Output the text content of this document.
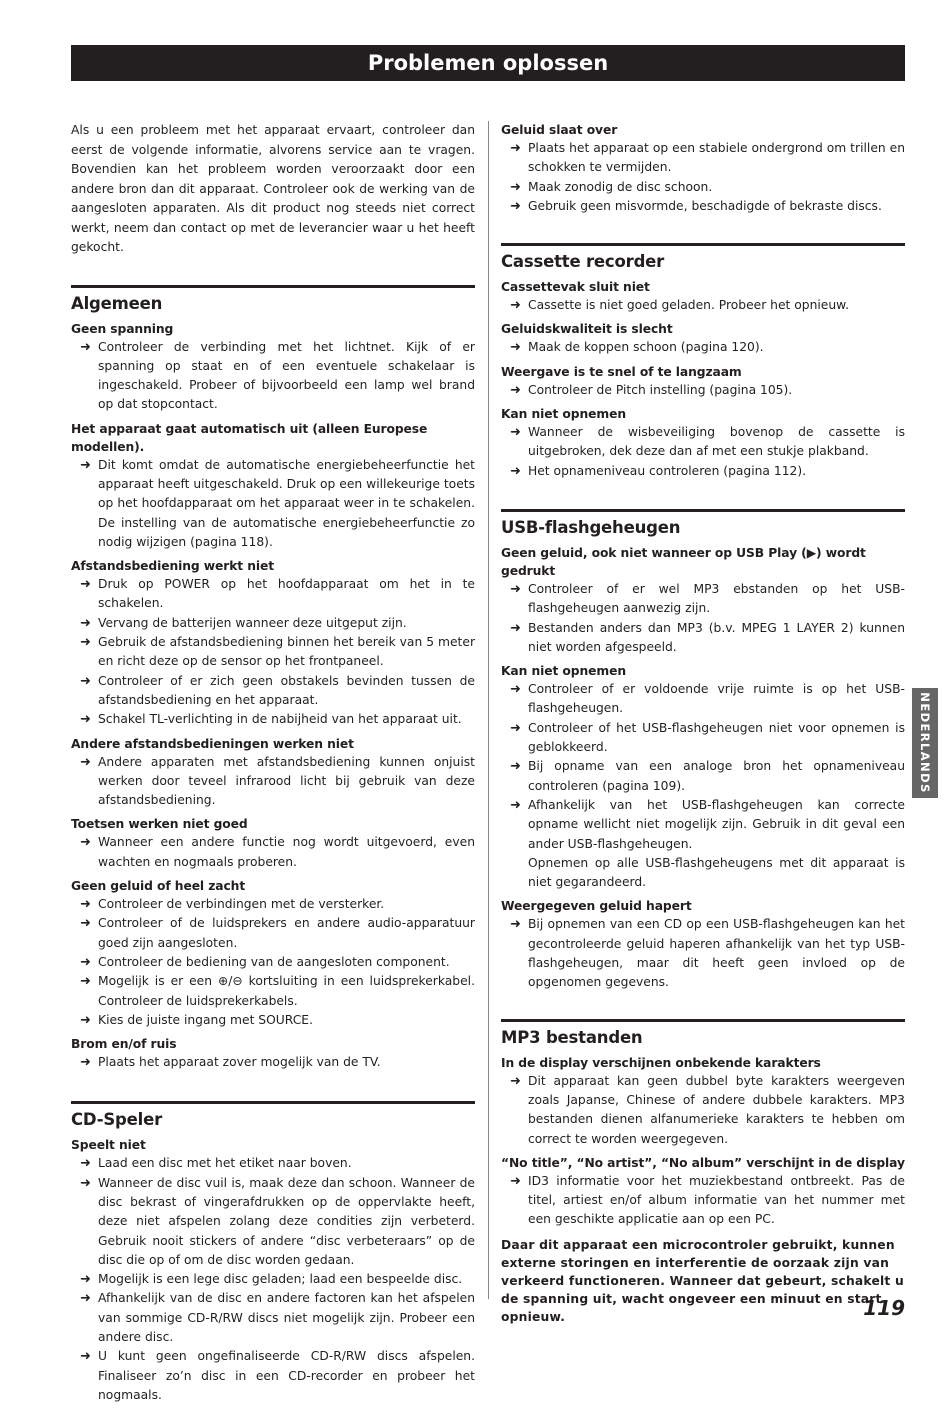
Problemen oplossen

Als u een probleem met het apparaat ervaart, controleer dan eerst de volgende informatie, alvorens service aan te vragen. Bovendien kan het probleem worden veroorzaakt door een andere bron dan dit apparaat. Controleer ook de werking van de aangesloten apparaten. Als dit product nog steeds niet correct werkt, neem dan contact op met de leverancier waar u het heeft gekocht.

Algemeen
Geen spanning
➜ Controleer de verbinding met het lichtnet. Kijk of er spanning op staat en of een eventuele schakelaar is ingeschakeld. Probeer of bijvoorbeeld een lamp wel brand op dat stopcontact.
Het apparaat gaat automatisch uit (alleen Europese modellen).
➜ Dit komt omdat de automatische energiebeheerfunctie het apparaat heeft uitgeschakeld. Druk op een willekeurige toets op het hoofdapparaat om het apparaat weer in te schakelen. De instelling van de automatische energiebeheerfunctie zo nodig wijzigen (pagina 118).
Afstandsbediening werkt niet
➜ Druk op POWER op het hoofdapparaat om het in te schakelen.
➜ Vervang de batterijen wanneer deze uitgeput zijn.
➜ Gebruik de afstandsbediening binnen het bereik van 5 meter en richt deze op de sensor op het frontpaneel.
➜ Controleer of er zich geen obstakels bevinden tussen de afstandsbediening en het apparaat.
➜ Schakel TL-verlichting in de nabijheid van het apparaat uit.
Andere afstandsbedieningen werken niet
➜ Andere apparaten met afstandsbediening kunnen onjuist werken door teveel infrarood licht bij gebruik van deze afstandsbediening.
Toetsen werken niet goed
➜ Wanneer een andere functie nog wordt uitgevoerd, even wachten en nogmaals proberen.
Geen geluid of heel zacht
➜ Controleer de verbindingen met de versterker.
➜ Controleer of de luidsprekers en andere audio-apparatuur goed zijn aangesloten.
➜ Controleer de bediening van de aangesloten component.
➜ Mogelijk is er een ⊕/⊖ kortsluiting in een luidsprekerkabel. Controleer de luidsprekerkabels.
➜ Kies de juiste ingang met SOURCE.
Brom en/of ruis
➜ Plaats het apparaat zover mogelijk van de TV.
CD-Speler
Speelt niet
➜ Laad een disc met het etiket naar boven.
➜ Wanneer de disc vuil is, maak deze dan schoon. Wanneer de disc bekrast of vingerafdrukken op de oppervlakte heeft, deze niet afspelen zolang deze condities zijn verbeterd. Gebruik nooit stickers of andere “disc verbeteraars” op de disc die op of om de disc worden gedaan.
➜ Mogelijk is een lege disc geladen; laad een bespeelde disc.
➜ Afhankelijk van de disc en andere factoren kan het afspelen van sommige CD-R/RW discs niet mogelijk zijn. Probeer een andere disc.
➜ U kunt geen ongefinaliseerde CD-R/RW discs afspelen. Finaliseer zo’n disc in een CD-recorder en probeer het nogmaals.
Geluid slaat over
➜ Plaats het apparaat op een stabiele ondergrond om trillen en schokken te vermijden.
➜ Maak zonodig de disc schoon.
➜ Gebruik geen misvormde, beschadigde of bekraste discs.
Cassette recorder
Cassettevak sluit niet
➜ Cassette is niet goed geladen. Probeer het opnieuw.
Geluidskwaliteit is slecht
➜ Maak de koppen schoon (pagina 120).
Weergave is te snel of te langzaam
➜ Controleer de Pitch instelling (pagina 105).
Kan niet opnemen
➜ Wanneer de wisbeveiliging bovenop de cassette is uitgebroken, dek deze dan af met een stukje plakband.
➜ Het opnameniveau controleren (pagina 112).
USB-flashgeheugen
Geen geluid, ook niet wanneer op USB Play (▶) wordt gedrukt
➜ Controleer of er wel MP3 ebstanden op het USB-flashgeheugen aanwezig zijn.
➜ Bestanden anders dan MP3 (b.v. MPEG 1 LAYER 2) kunnen niet worden afgespeeld.
Kan niet opnemen
➜ Controleer of er voldoende vrije ruimte is op het USB-flashgeheugen.
➜ Controleer of het USB-flashgeheugen niet voor opnemen is geblokkeerd.
➜ Bij opname van een analoge bron het opnameniveau controleren (pagina 109).
➜ Afhankelijk van het USB-flashgeheugen kan correcte opname wellicht niet mogelijk zijn. Gebruik in dit geval een ander USB-flashgeheugen.
Opnemen op alle USB-flashgeheugens met dit apparaat is niet gegarandeerd.
Weergegeven geluid hapert
➜ Bij opnemen van een CD op een USB-flashgeheugen kan het gecontroleerde geluid haperen afhankelijk van het typ USB-flashgeheugen, maar dit heeft geen invloed op de opgenomen gegevens.
MP3 bestanden
In de display verschijnen onbekende karakters
➜ Dit apparaat kan geen dubbel byte karakters weergeven zoals Japanse, Chinese of andere dubbele karakters. MP3 bestanden dienen alfanumerieke karakters te hebben om correct te worden weergegeven.
“No title”, “No artist”, “No album” verschijnt in de display
➜ ID3 informatie voor het muziekbestand ontbreekt. Pas de titel, artiest en/of album informatie van het nummer met een geschikte applicatie aan op een PC.

Daar dit apparaat een microcontroler gebruikt, kunnen externe storingen en interferentie de oorzaak zijn van verkeerd functioneren. Wanneer dat gebeurt, schakelt u de spanning uit, wacht ongeveer een minuut en start opnieuw.

NEDERLANDS
119
